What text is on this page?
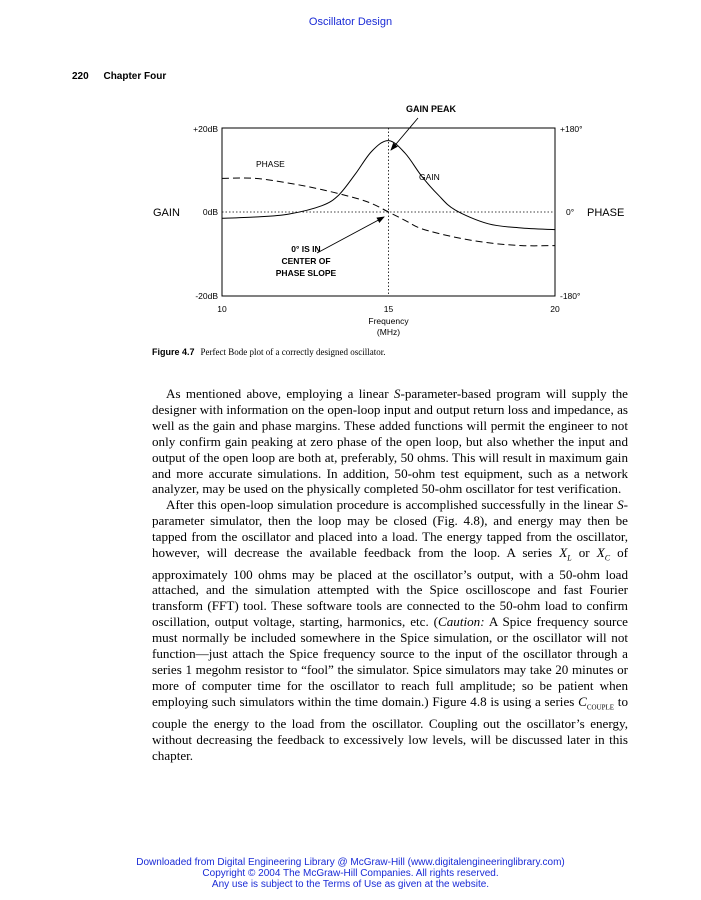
Oscillator Design
220 Chapter Four
GAIN PEAK
+20dB
0dB
-20dB
GAIN
+180°
0°
-180°
PHASE
PHASE
GAIN
0° IS IN
CENTER OF
PHASE SLOPE
10	15	20
Frequency
(MHz)
Figure 4.7 Perfect Bode plot of a correctly designed oscillator.

As mentioned above, employing a linear S-parameter-based program will supply the designer with information on the open-loop input and output return loss and impedance, as well as the gain and phase margins. These added functions will permit the engineer to not only confirm gain peaking at zero phase of the open loop, but also whether the input and output of the open loop are both at, preferably, 50 ohms. This will result in maximum gain and more accurate simulations. In addition, 50-ohm test equipment, such as a network analyzer, may be used on the physically completed 50-ohm oscillator for test verification.

After this open-loop simulation procedure is accomplished successfully in the linear S-parameter simulator, then the loop may be closed (Fig. 4.8), and energy may then be tapped from the oscillator and placed into a load. The energy tapped from the oscillator, however, will decrease the available feedback from the loop. A series $X_L$ or $X_C$ of approximately 100 ohms may be placed at the oscillator’s output, with a 50-ohm load attached, and the simulation attempted with the Spice oscilloscope and fast Fourier transform (FFT) tool. These software tools are connected to the 50-ohm load to confirm oscillation, output voltage, starting, harmonics, etc. (Caution: A Spice frequency source must normally be included somewhere in the Spice simulation, or the oscillator will not function—just attach the Spice frequency source to the input of the oscillator through a series 1 megohm resistor to “fool” the simulator. Spice simulators may take 20 minutes or more of computer time for the oscillator to reach full amplitude; so be patient when employing such simulators within the time domain.) Figure 4.8 is using a series $C_{COUPLE}$ to couple the energy to the load from the oscillator. Coupling out the oscillator’s energy, without decreasing the feedback to excessively low levels, will be discussed later in this chapter.

Downloaded from Digital Engineering Library @ McGraw-Hill (www.digitalengineeringlibrary.com)
Copyright © 2004 The McGraw-Hill Companies. All rights reserved.
Any use is subject to the Terms of Use as given at the website.
